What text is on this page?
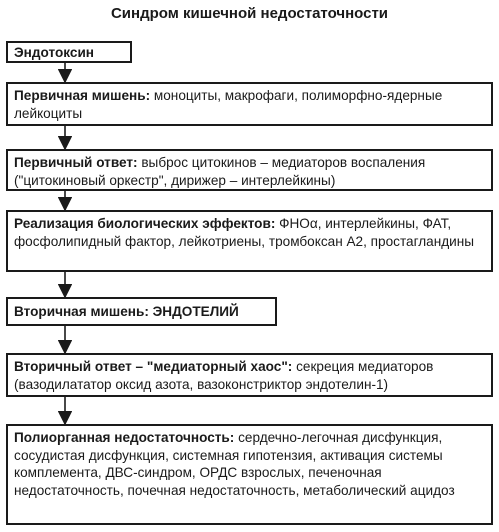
Синдром кишечной недостаточности
Эндотоксин
Первичная мишень: моноциты, макрофаги, полиморфно-ядерные лейкоциты
Первичный ответ: выброс цитокинов – медиаторов воспаления ("цитокиновый оркестр", дирижер – интерлейкины)
Реализация биологических эффектов: ФНОα, интерлейкины, ФАТ, фосфолипидный фактор, лейкотриены, тромбоксан А2, простагландины
Вторичная мишень: ЭНДОТЕЛИЙ
Вторичный ответ – "медиаторный хаос": секреция медиаторов (вазодилататор оксид азота, вазоконстриктор эндотелин-1)
Полиорганная недостаточность: сердечно-легочная дисфункция, сосудистая дисфункция, системная гипотензия, активация системы комплемента, ДВС-синдром, ОРДС взрослых, печеночная недостаточность, почечная недостаточность, метаболический ацидоз
